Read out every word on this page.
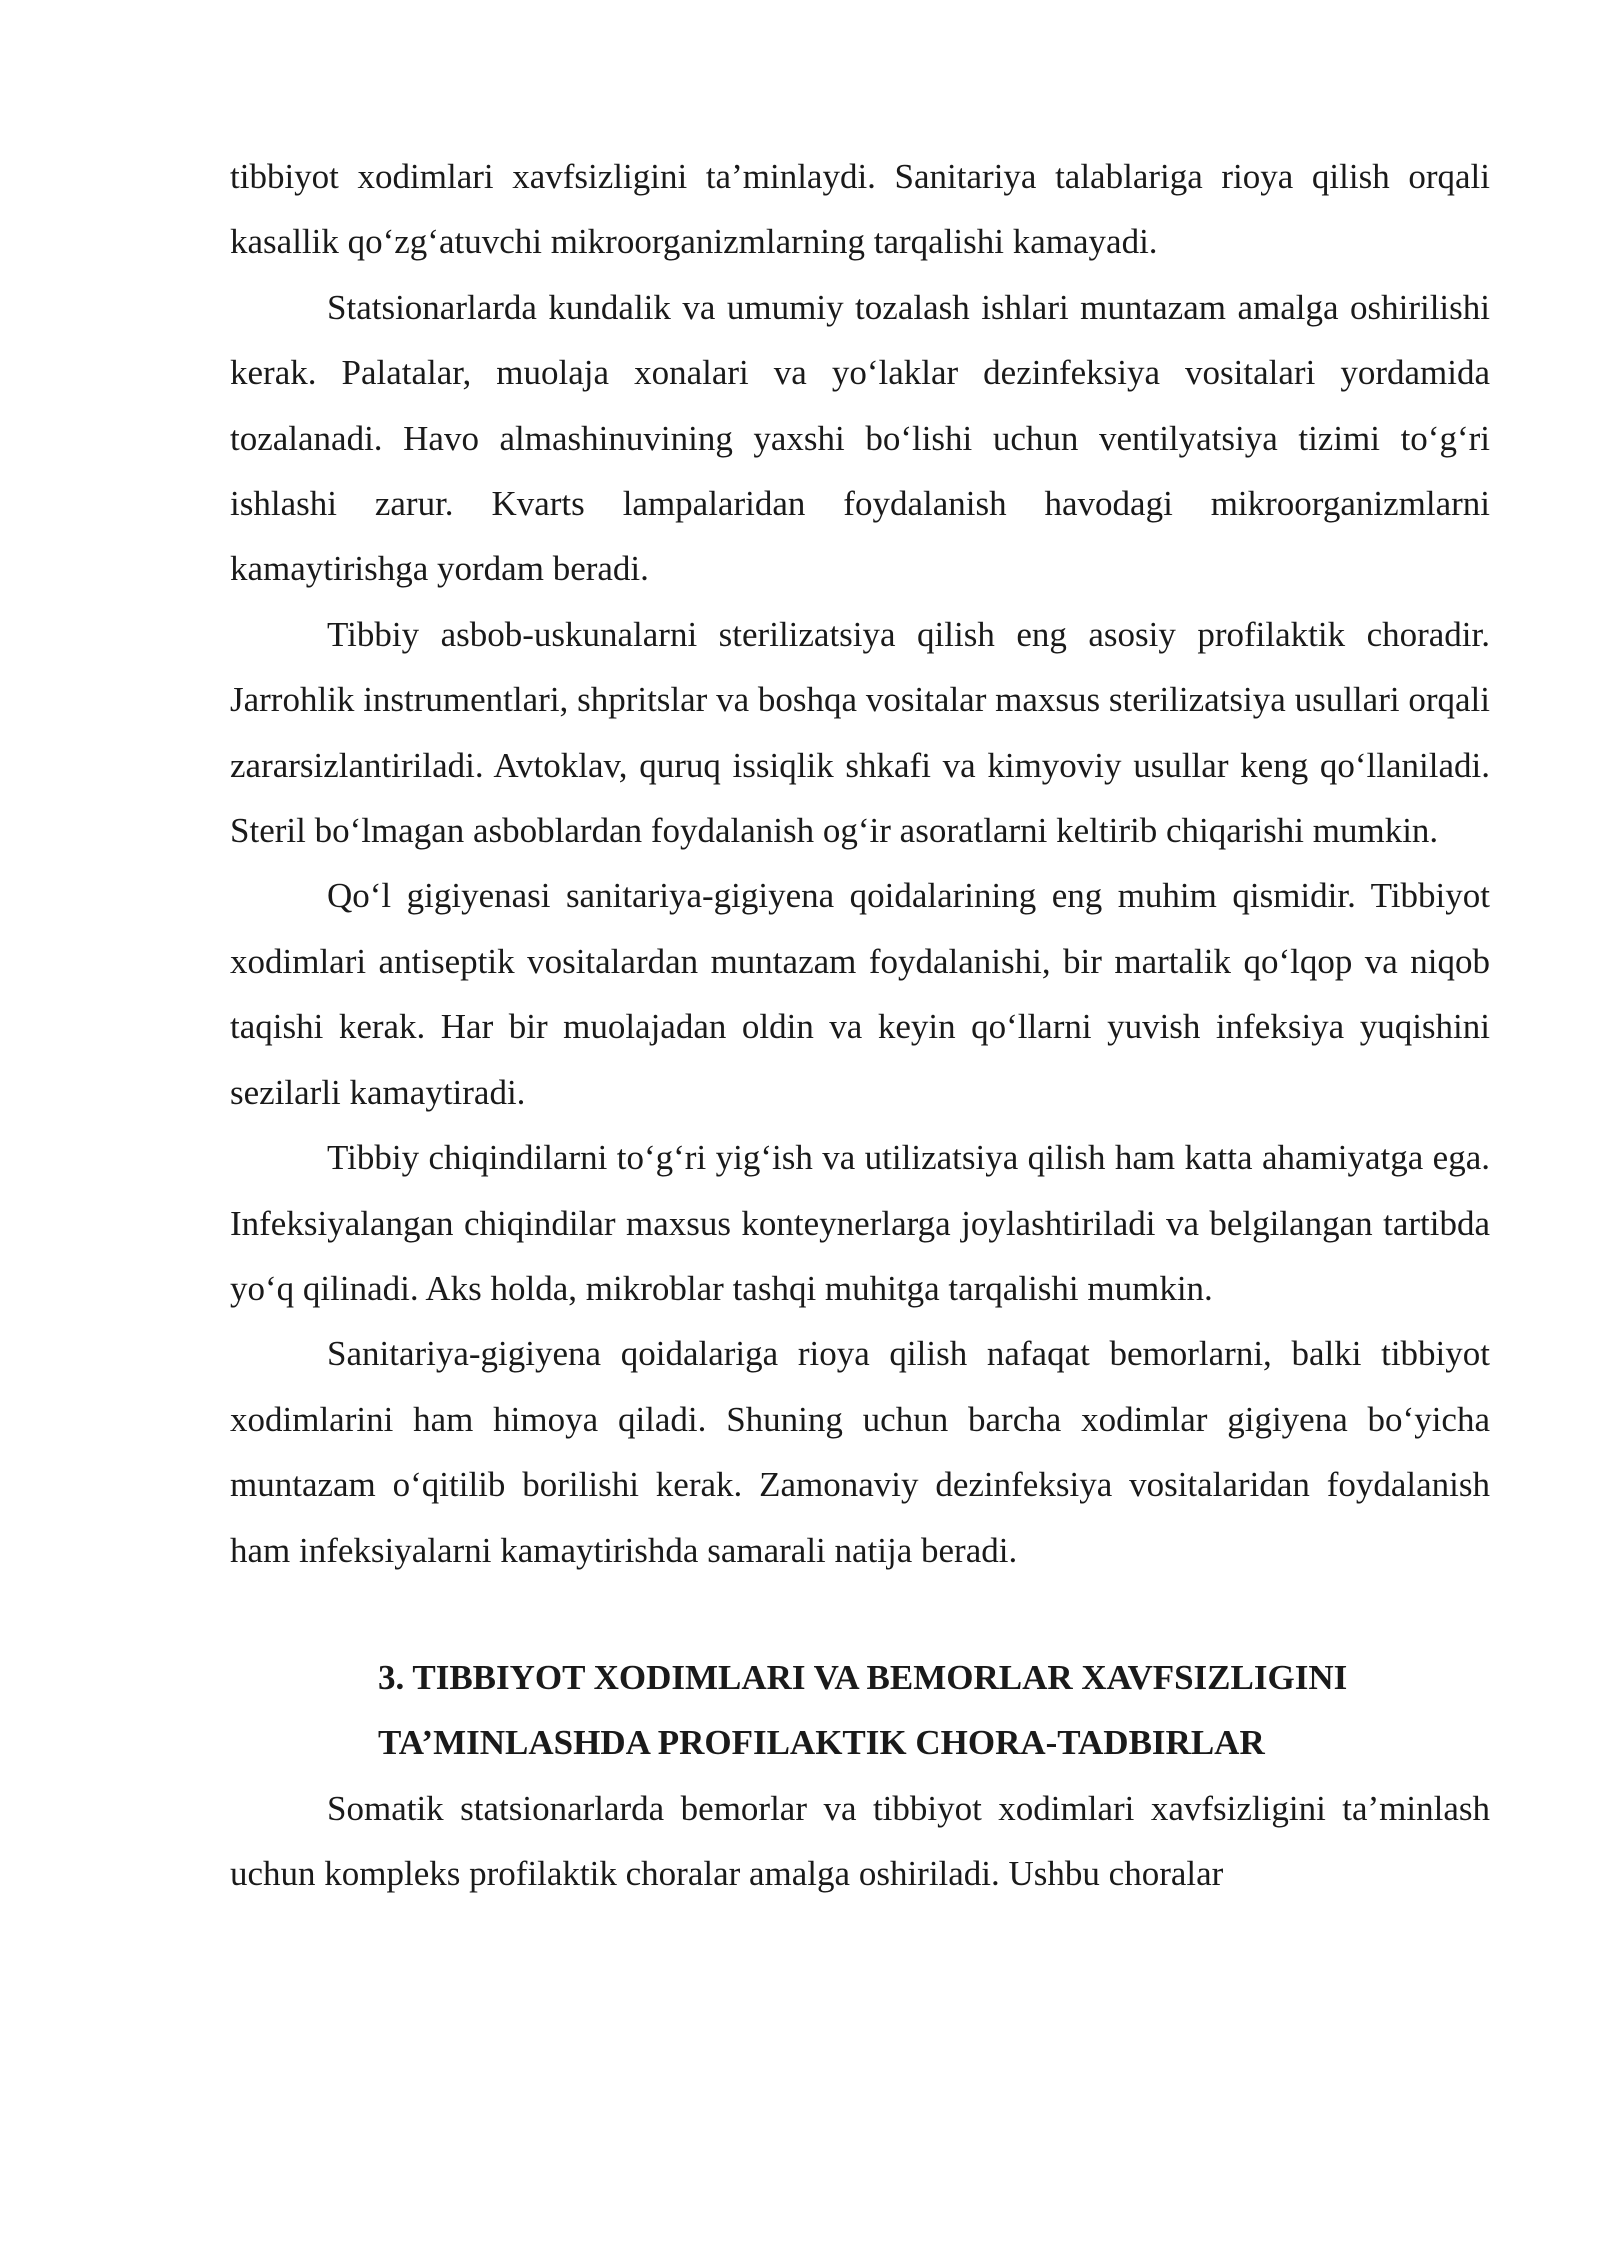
tibbiyot xodimlari xavfsizligini ta’minlaydi. Sanitariya talablariga rioya qilish orqali kasallik qo‘zg‘atuvchi mikroorganizmlarning tarqalishi kamayadi.

Statsionarlarda kundalik va umumiy tozalash ishlari muntazam amalga oshirilishi kerak. Palatalar, muolaja xonalari va yo‘laklar dezinfeksiya vositalari yordamida tozalanadi. Havo almashinuvining yaxshi bo‘lishi uchun ventilyatsiya tizimi to‘g‘ri ishlashi zarur. Kvarts lampalaridan foydalanish havodagi mikroorganizmlarni kamaytirishga yordam beradi.

Tibbiy asbob-uskunalarni sterilizatsiya qilish eng asosiy profilaktik choradir. Jarrohlik instrumentlari, shpritslar va boshqa vositalar maxsus sterilizatsiya usullari orqali zararsizlantiriladi. Avtoklav, quruq issiqlik shkafi va kimyoviy usullar keng qo‘llaniladi. Steril bo‘lmagan asboblardan foydalanish og‘ir asoratlarni keltirib chiqarishi mumkin.

Qo‘l gigiyenasi sanitariya-gigiyena qoidalarining eng muhim qismidir. Tibbiyot xodimlari antiseptik vositalardan muntazam foydalanishi, bir martalik qo‘lqop va niqob taqishi kerak. Har bir muolajadan oldin va keyin qo‘llarni yuvish infeksiya yuqishini sezilarli kamaytiradi.

Tibbiy chiqindilarni to‘g‘ri yig‘ish va utilizatsiya qilish ham katta ahamiyatga ega. Infeksiyalangan chiqindilar maxsus konteynerlarga joylashtiriladi va belgilangan tartibda yo‘q qilinadi. Aks holda, mikroblar tashqi muhitga tarqalishi mumkin.

Sanitariya-gigiyena qoidalariga rioya qilish nafaqat bemorlarni, balki tibbiyot xodimlarini ham himoya qiladi. Shuning uchun barcha xodimlar gigiyena bo‘yicha muntazam o‘qitilib borilishi kerak. Zamonaviy dezinfeksiya vositalaridan foydalanish ham infeksiyalarni kamaytirishda samarali natija beradi.

3. TIBBIYOT XODIMLARI VA BEMORLAR XAVFSIZLIGINI
TA’MINLASHDA PROFILAKTIK CHORA-TADBIRLAR

Somatik statsionarlarda bemorlar va tibbiyot xodimlari xavfsizligini ta’minlash uchun kompleks profilaktik choralar amalga oshiriladi. Ushbu choralar
